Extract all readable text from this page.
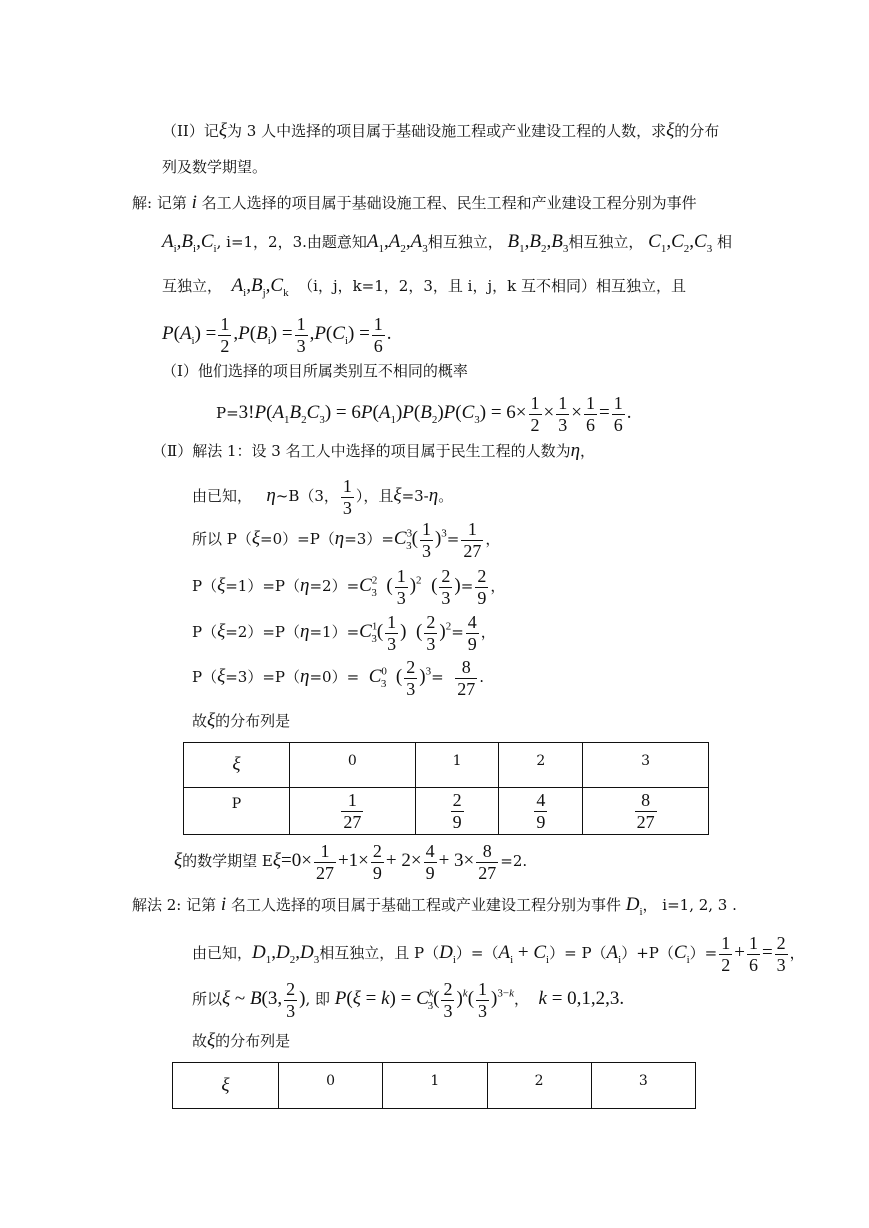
（II）记ξ为 3 人中选择的项目属于基础设施工程或产业建设工程的人数，求ξ的分布
列及数学期望。
解: 记第 i 名工人选择的项目属于基础设施工程、民生工程和产业建设工程分别为事件
$A_i,B_i,C_i$, i=1，2，3.由题意知$A_1,A_2,A_3$相互独立， $B_1,B_2,B_3$相互独立， $C_1,C_2,C_3$ 相
互独立， $A_i,B_j,C_k$ （i，j，k=1，2，3，且 i，j，k 互不相同）相互独立，且
$P(A_i) = \frac{1}{2} ,P(B_i) = \frac{1}{3} ,P(C_i) = \frac{1}{6}$ .
（Ⅰ）他们选择的项目所属类别互不相同的概率
$P=3!P(A_1B_2C_3) = 6P(A_1)P(B_2)P(C_3) = 6\times \frac{1}{2} \times \frac{1}{3} \times \frac{1}{6} = \frac{1}{6}$ .
（Ⅱ）解法 1：设 3 名工人中选择的项目属于民生工程的人数为η，
由已知， η~B（3， $\frac{1}{3}$ ），且ξ=3-η。
所以 $P(\xi=0)=P(\eta=3)=C^3_3( \frac{1}{3} )^3= \frac{1}{27}$ ，
$P(\xi=1)=P(\eta=2)=C^2_3$ ( $\frac{1}{3} )^2$ ( $\frac{2}{3}$ )= $\frac{2}{9}$ ，
$P(\xi=2)=P(\eta=1)=C^1_3( \frac{1}{3}$ ) ( $\frac{2}{3} )^2= \frac{4}{9}$ ，
$P(\xi=3)=P(\eta=0)= C^0_3$ ( $\frac{2}{3} )^3= \frac{8}{27}$ .
故ξ的分布列是
ξ	0	1	2	3
P	$\frac{1}{27}$	$\frac{2}{9}$	$\frac{4}{9}$	$\frac{8}{27}$
ξ的数学期望 $E\xi=0\times \frac{1}{27} +1\times \frac{2}{9} + 2\times \frac{4}{9} + 3\times \frac{8}{27} =2$.
解法 2: 记第 i 名工人选择的项目属于基础工程或产业建设工程分别为事件 $D_i$， i=1, 2, 3 .
由已知，$D_1,D_2,D_3$相互独立，且 $P(D_i)=(A_i + C_i)= P(A_i)+P(C_i)= \frac{1}{2} + \frac{1}{6} = \frac{2}{3}$ ，
所以ξ ~ B(3, $\frac{2}{3}$ ), 即 $P(\xi = k) = C^k_3( \frac{2}{3} )^k( \frac{1}{3} )^{3-k}$， k = 0,1,2,3.
故ξ的分布列是
ξ	0	1	2	3
